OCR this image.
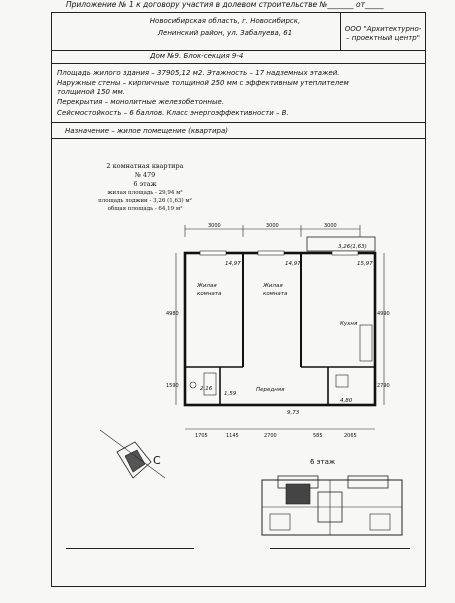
Приложение № 1 к договору участия в долевом строительстве №_______ от_____
Новосибирская область, г. Новосибирск,
Ленинский район, ул. Забалуева, 61	ООО "Архитектурно-
– проектный центр"
Дом №9. Блок-секция 9-4
Площадь жилого здания – 37905,12 м2. Этажность – 17 надземных этажей.
Наружные стены – кирпичные толщиной 250 мм с эффективным утеплителем
толщиной 150 мм.
Перекрытия – монолитные железобетонные.
Сейсмостойкость – 6 баллов. Класс энергоэффективности – B.
Назначение – жилое помещение (квартира)
2 комнатная квартира
№ 479
6 этаж
жилая площадь - 29,94 м²
площадь лоджии - 3,26 (1,63) м²
общая площадь - 64,19 м²
3000	3000	3000
3,26(1,63)
14,97
Жилая
комната
14,97
Жилая
комната
15,97
Кухня
Передняя
9,73
2,16
1,59
4,80
4980
1590
4990
2790
1705	1145	2700	585	2065
С	6 этаж
